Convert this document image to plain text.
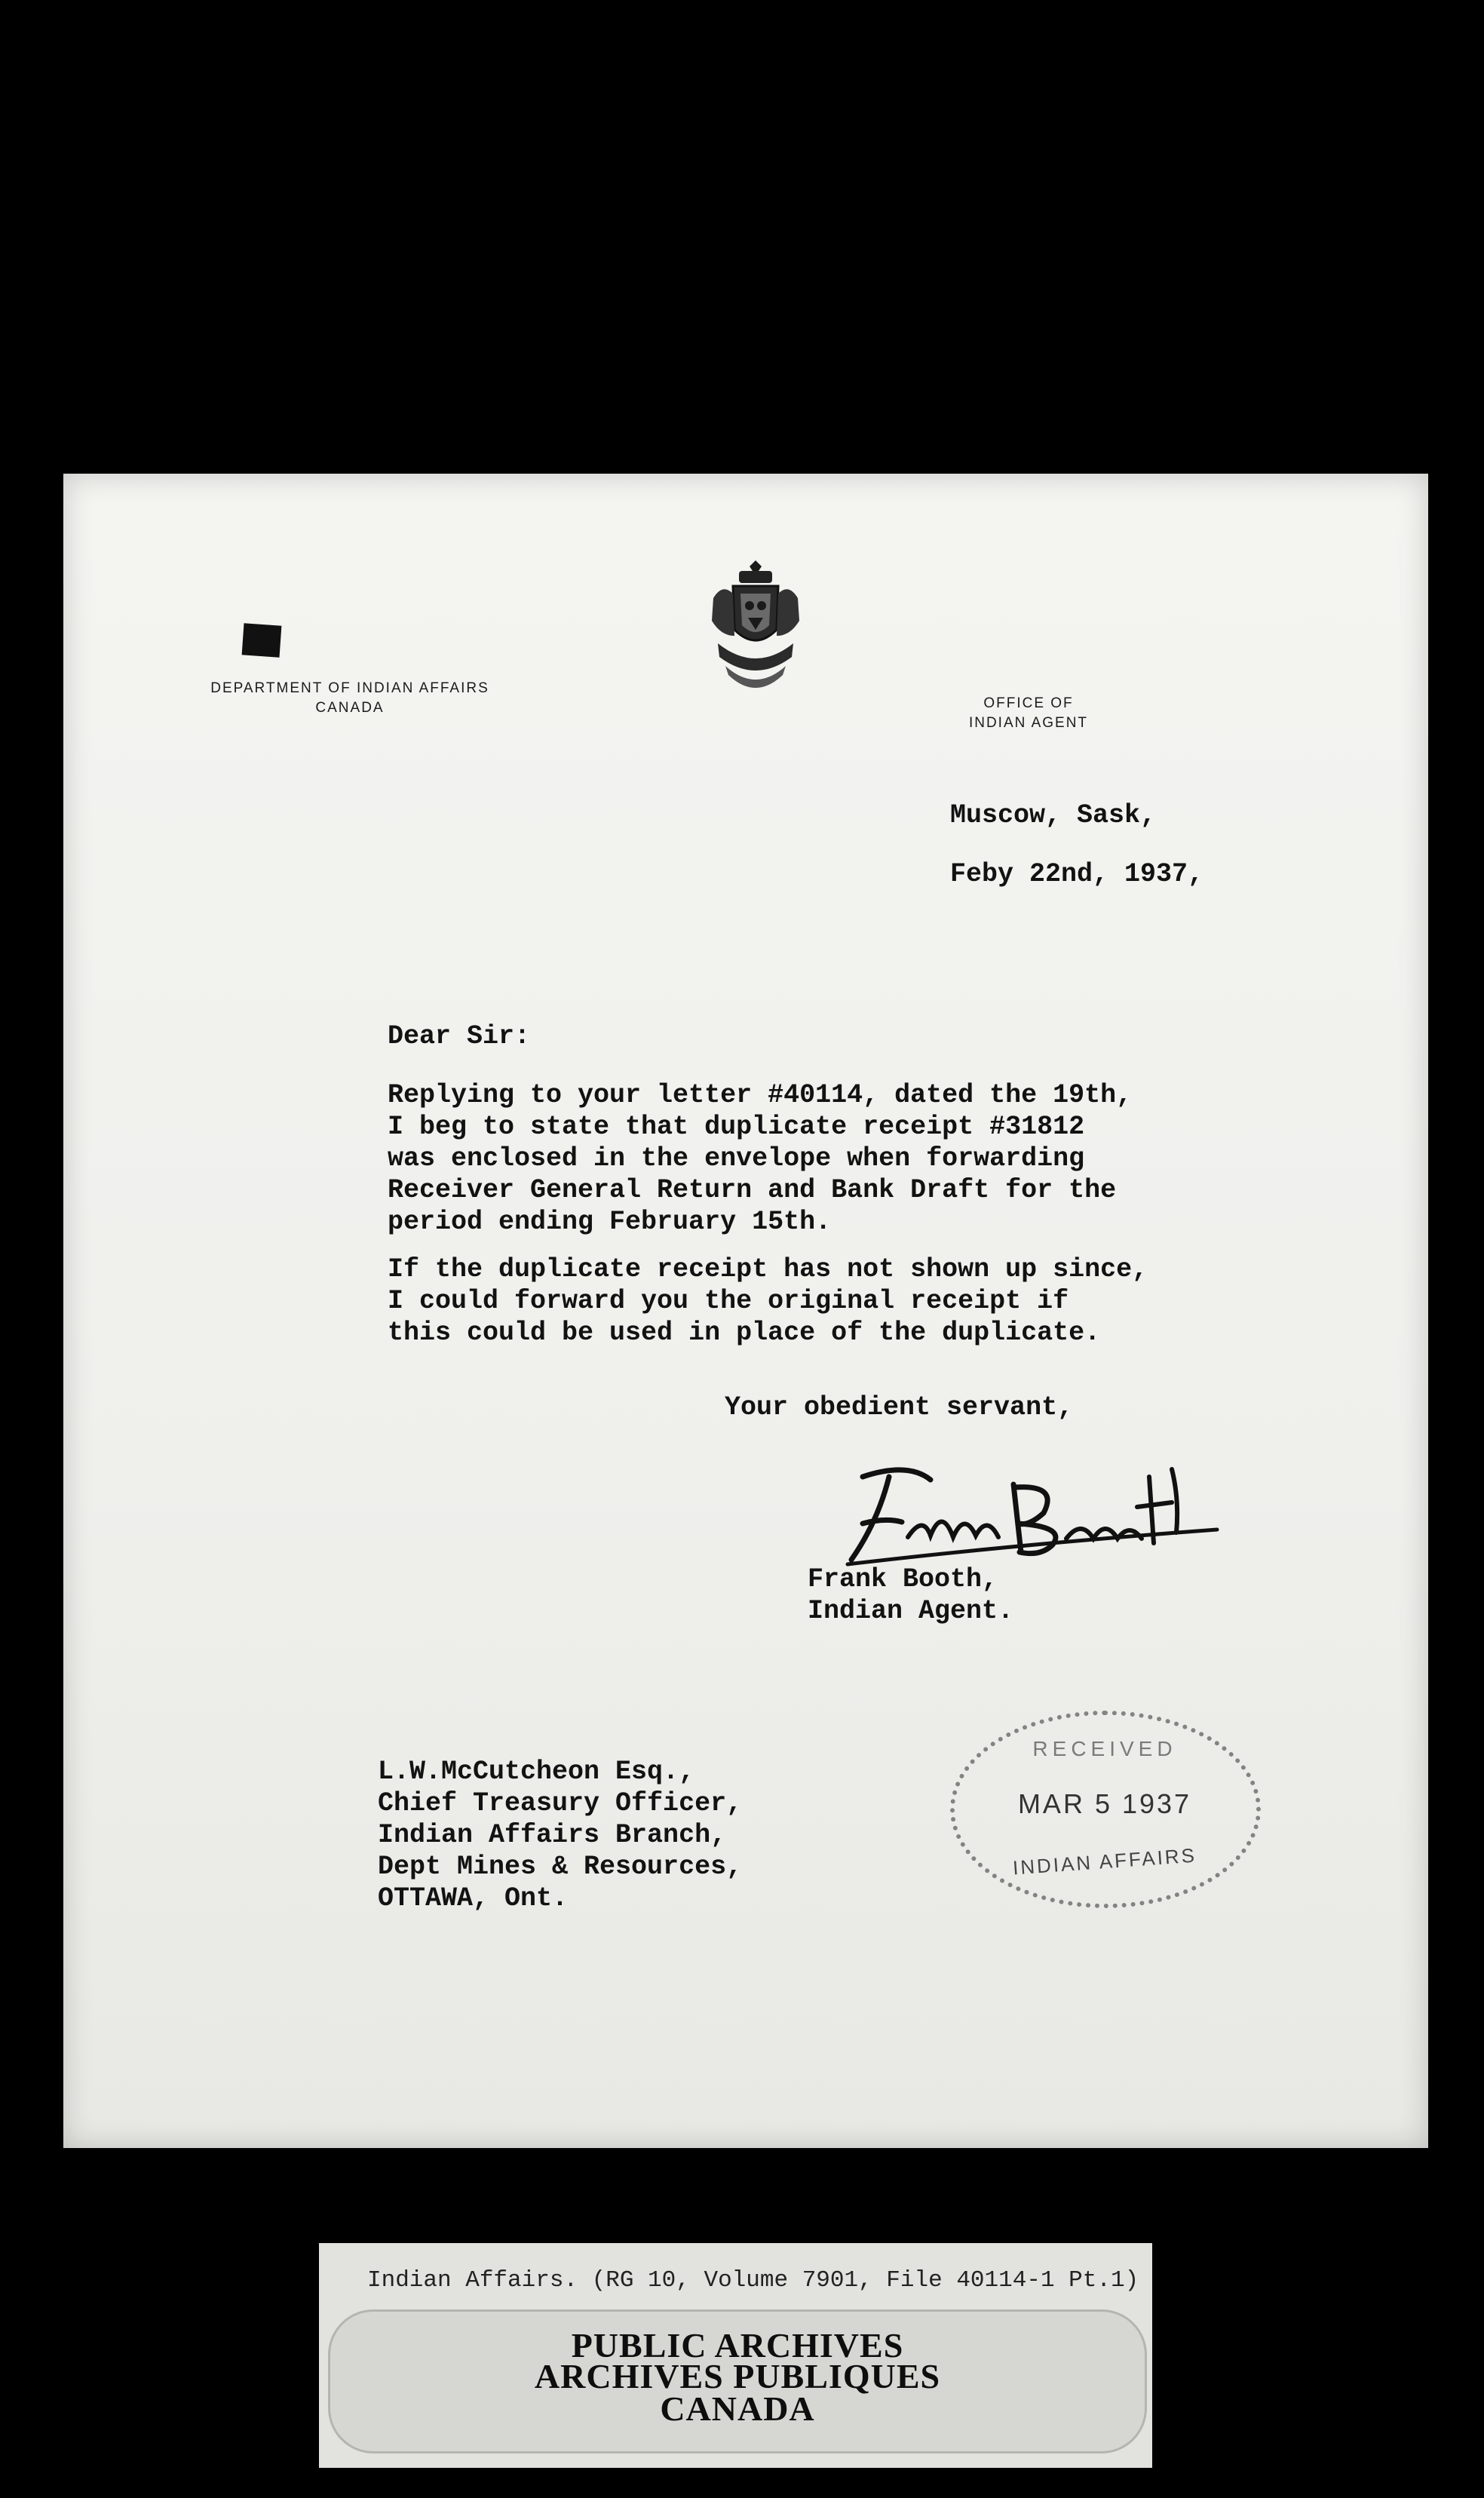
DEPARTMENT OF INDIAN AFFAIRS
CANADA	OFFICE OF
INDIAN AGENT
Muscow, Sask,
Feby 22nd, 1937,
Dear Sir:
Replying to your letter #40114, dated the 19th,
I beg to state that duplicate receipt #31812
was enclosed in the envelope when forwarding
Receiver General Return and Bank Draft for the
period ending February 15th.
If the duplicate receipt has not shown up since,
I could forward you the original receipt if
this could be used in place of the duplicate.
Your obedient servant,
Frank Booth,
Indian Agent.
L.W.McCutcheon Esq.,
Chief Treasury Officer,
Indian Affairs Branch,
Dept Mines & Resources,
OTTAWA, Ont.
RECEIVED
MAR 5 1937
INDIAN AFFAIRS
Indian Affairs. (RG 10, Volume 7901, File 40114-1 Pt.1)
PUBLIC ARCHIVES
ARCHIVES PUBLIQUES
CANADA
